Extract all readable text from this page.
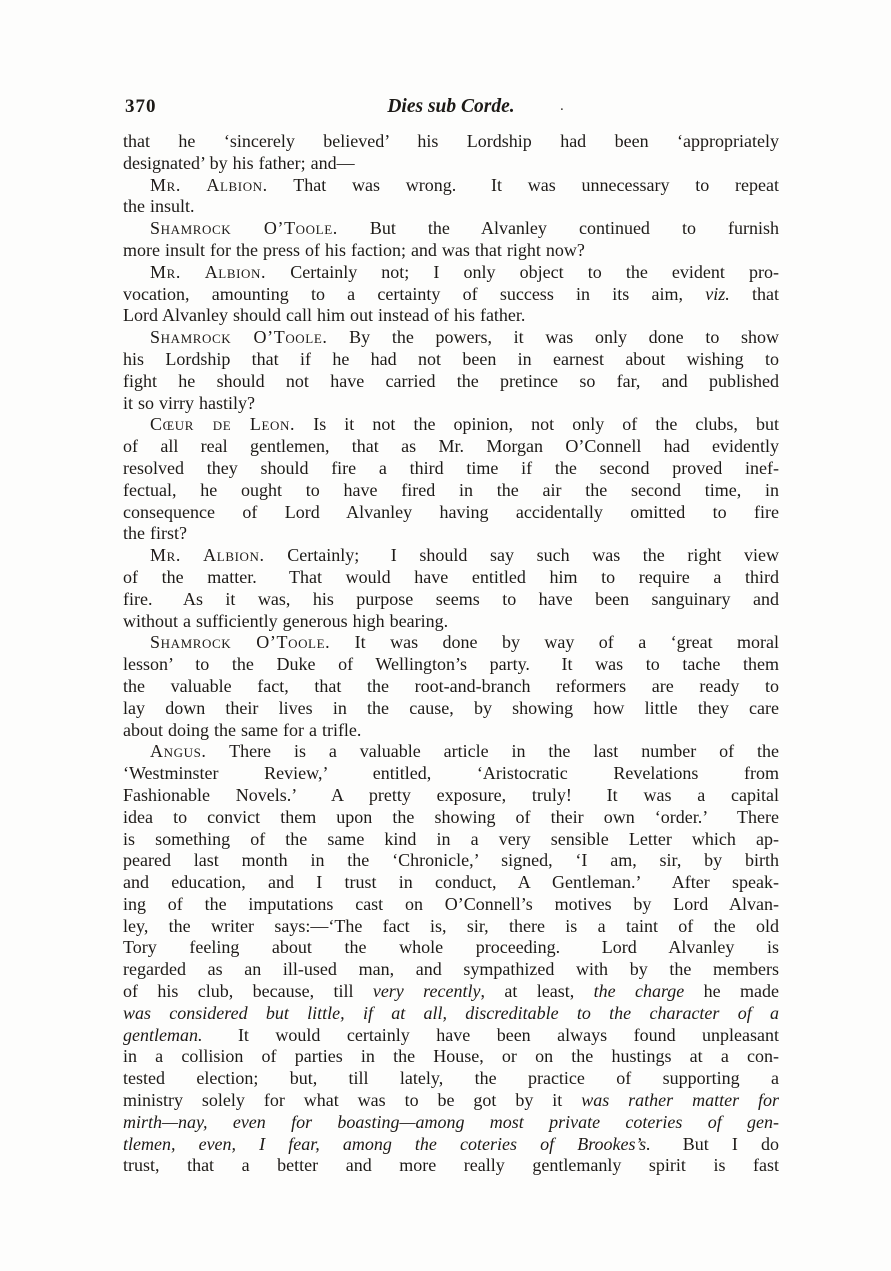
370	Dies sub Corde.	.
that he ‘sincerely believed’ his Lordship had been ‘appropriately
designated’ by his father; and—
Mr. Albion. That was wrong.  It was unnecessary to repeat
the insult.
Shamrock O’Toole. But the Alvanley continued to furnish
more insult for the press of his faction; and was that right now?
Mr. Albion. Certainly not; I only object to the evident pro-
vocation, amounting to a certainty of success in its aim, viz. that
Lord Alvanley should call him out instead of his father.
Shamrock O’Toole. By the powers, it was only done to show
his Lordship that if he had not been in earnest about wishing to
fight he should not have carried the pretince so far, and published
it so virry hastily?
Cœur de Leon. Is it not the opinion, not only of the clubs, but
of all real gentlemen, that as Mr. Morgan O’Connell had evidently
resolved they should fire a third time if the second proved inef-
fectual, he ought to have fired in the air the second time, in
consequence of Lord Alvanley having accidentally omitted to fire
the first?
Mr. Albion. Certainly;  I should say such was the right view
of the matter.  That would have entitled him to require a third
fire.  As it was, his purpose seems to have been sanguinary and
without a sufficiently generous high bearing.
Shamrock O’Toole. It was done by way of a ‘great moral
lesson’ to the Duke of Wellington’s party.  It was to tache them
the valuable fact, that the root-and-branch reformers are ready to
lay down their lives in the cause, by showing how little they care
about doing the same for a trifle.
Angus. There is a valuable article in the last number of the
‘Westminster Review,’ entitled, ‘Aristocratic Revelations from
Fashionable Novels.’  A pretty exposure, truly!  It was a capital
idea to convict them upon the showing of their own ‘order.’  There
is something of the same kind in a very sensible Letter which ap-
peared last month in the ‘Chronicle,’ signed, ‘I am, sir, by birth
and education, and I trust in conduct, A Gentleman.’  After speak-
ing of the imputations cast on O’Connell’s motives by Lord Alvan-
ley, the writer says:—‘The fact is, sir, there is a taint of the old
Tory feeling about the whole proceeding.  Lord Alvanley is
regarded as an ill-used man, and sympathized with by the members
of his club, because, till very recently, at least, the charge he made
was considered but little, if at all, discreditable to the character of a
gentleman.  It would certainly have been always found unpleasant
in a collision of parties in the House, or on the hustings at a con-
tested election; but, till lately, the practice of supporting a
ministry solely for what was to be got by it was rather matter for
mirth—nay, even for boasting—among most private coteries of gen-
tlemen, even, I fear, among the coteries of Brookes’s.  But I do
trust, that a better and more really gentlemanly spirit is fast
